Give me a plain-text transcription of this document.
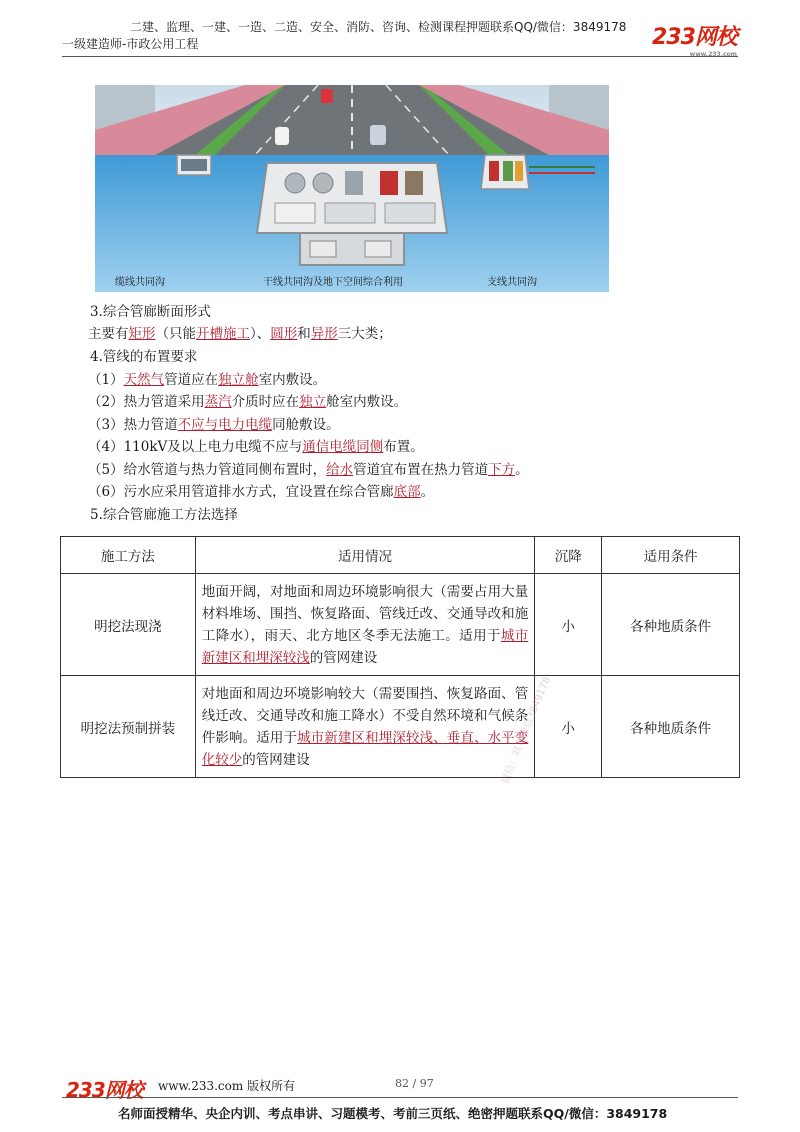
二建、监理、一建、一造、二造、安全、消防、咨询、检测课程押题联系QQ/微信：3849178
一级建造师-市政公用工程	233网校
www.233.com
缆线共同沟	干线共同沟及地下空间综合利用	支线共同沟
3.综合管廊断面形式
主要有矩形（只能开槽施工）、圆形和异形三大类；
4.管线的布置要求
（1）天然气管道应在独立舱室内敷设。
（2）热力管道采用蒸汽介质时应在独立舱室内敷设。
（3）热力管道不应与电力电缆同舱敷设。
（4）110kV及以上电力电缆不应与通信电缆同侧布置。
（5）给水管道与热力管道同侧布置时，给水管道宜布置在热力管道下方。
（6）污水应采用管道排水方式，宜设置在综合管廊底部。
5.综合管廊施工方法选择
施工方法	适用情况	沉降	适用条件
明挖法现浇	地面开阔，对地面和周边环境影响很大（需要占用大量材料堆场、围挡、恢复路面、管线迁改、交通导改和施工降水），雨天、北方地区冬季无法施工。适用于城市新建区和埋深较浅的管网建设	小	各种地质条件
明挖法预制拼装	对地面和周边环境影响较大（需要围挡、恢复路面、管线迁改、交通导改和施工降水）不受自然环境和气候条件影响。适用于城市新建区和埋深较浅、垂直、水平变化较少的管网建设	小	各种地质条件
微信：联系微信3849178
233网校 www.233.com 版权所有	82 / 97
名师面授精华、央企内训、考点串讲、习题模考、考前三页纸、绝密押题联系QQ/微信：3849178
